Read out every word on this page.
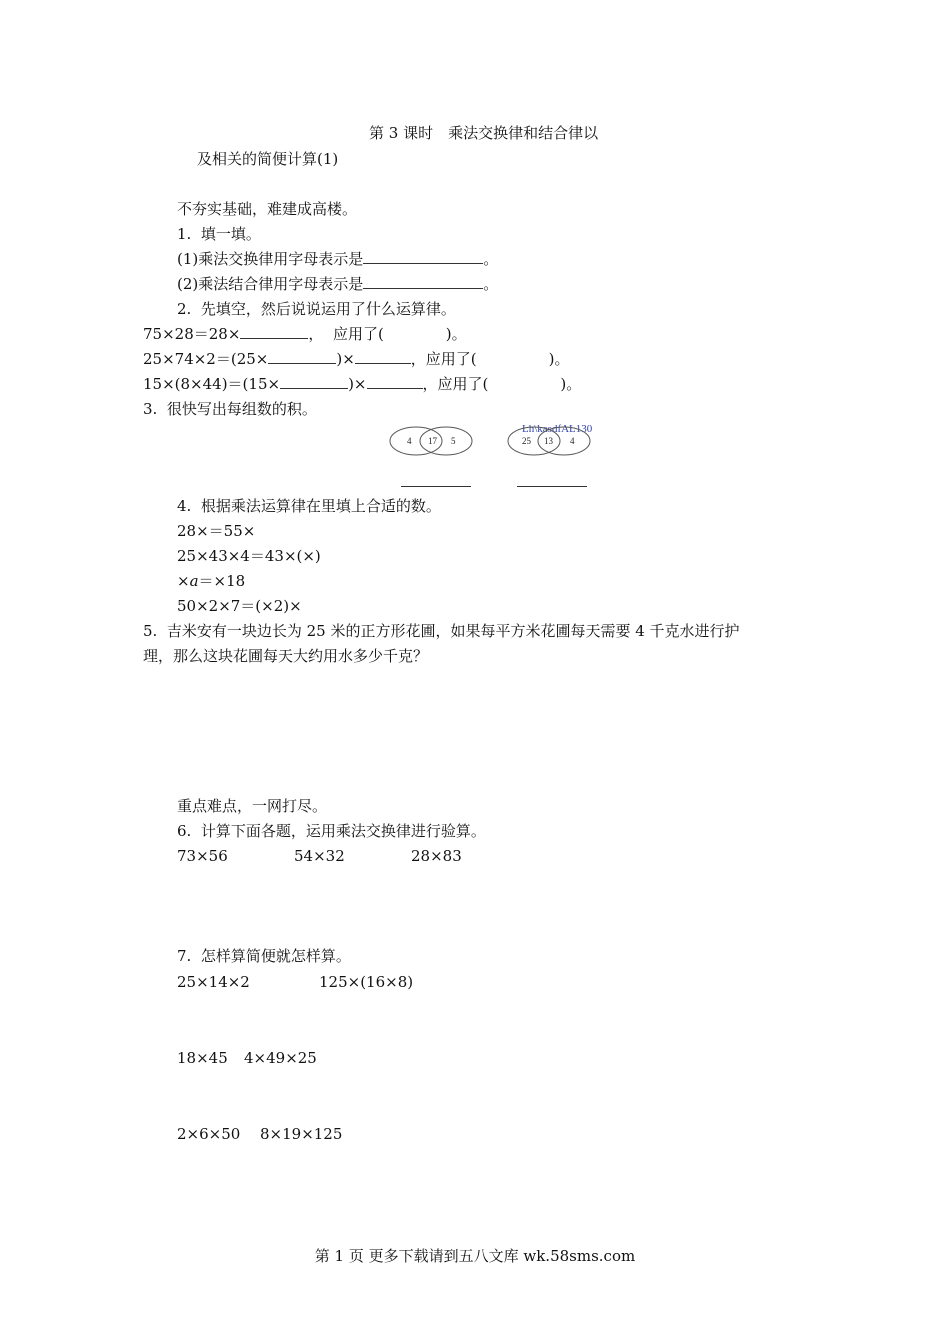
第 3 课时　乘法交换律和结合律以
及相关的简便计算(1)
不夯实基础，难建成高楼。
1.  填一填。
(1)乘法交换律用字母表示是	。
(2)乘法结合律用字母表示是	。
2.  先填空，然后说说运用了什么运算律。
75×28＝28×	，  应用了(	)。
25×74×2＝(25×	)×	，应用了(	)。
15×(8×44)＝(15×	)×	，应用了(	)。
3.  很快写出每组数的积。
4 17 5
Lh\kasdfAL130
25 13 4
4.  根据乘法运算律在里填上合适的数。
28×＝55×
25×43×4＝43×(×)
×a＝×18
50×2×7＝(×2)×
5.  吉米安有一块边长为 25 米的正方形花圃，如果每平方米花圃每天需要 4 千克水进行护
理，那么这块花圃每天大约用水多少千克？
重点难点，一网打尽。
6.  计算下面各题，运用乘法交换律进行验算。
73×56	54×32	28×83
7.  怎样算简便就怎样算。
25×14×2	125×(16×8)
18×45 4×49×25
2×6×50 8×19×125
第 1 页 更多下载请到五八文库 wk.58sms.com
